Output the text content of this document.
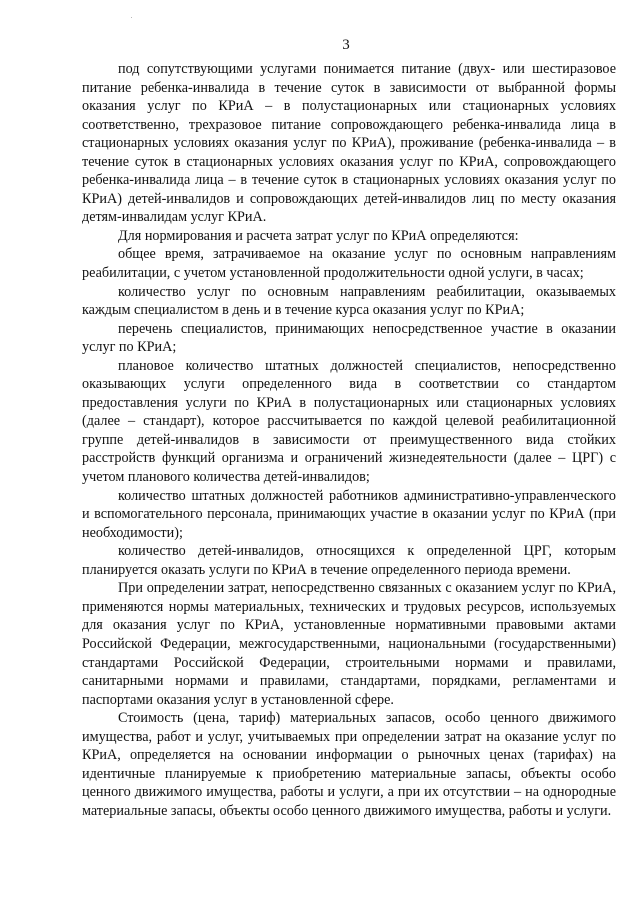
3

под сопутствующими услугами понимается питание (двух- или шестиразовое питание ребенка-инвалида в течение суток в зависимости от выбранной формы оказания услуг по КРиА – в полустационарных или стационарных условиях соответственно, трехразовое питание сопровождающего ребенка-инвалида лица в стационарных условиях оказания услуг по КРиА), проживание (ребенка-инвалида – в течение суток в стационарных условиях оказания услуг по КРиА, сопровождающего ребенка-инвалида лица – в течение суток в стационарных условиях оказания услуг по КРиА) детей-инвалидов и сопровождающих детей-инвалидов лиц по месту оказания детям-инвалидам услуг КРиА.

Для нормирования и расчета затрат услуг по КРиА определяются:

общее время, затрачиваемое на оказание услуг по основным направлениям реабилитации, с учетом установленной продолжительности одной услуги, в часах;

количество услуг по основным направлениям реабилитации, оказываемых каждым специалистом в день и в течение курса оказания услуг по КРиА;

перечень специалистов, принимающих непосредственное участие в оказании услуг по КРиА;

плановое количество штатных должностей специалистов, непосредственно оказывающих услуги определенного вида в соответствии со стандартом предоставления услуги по КРиА в полустационарных или стационарных условиях (далее – стандарт), которое рассчитывается по каждой целевой реабилитационной группе детей-инвалидов в зависимости от преимущественного вида стойких расстройств функций организма и ограничений жизнедеятельности (далее – ЦРГ) с учетом планового количества детей-инвалидов;

количество штатных должностей работников административно-управленческого и вспомогательного персонала, принимающих участие в оказании услуг по КРиА (при необходимости);

количество детей-инвалидов, относящихся к определенной ЦРГ, которым планируется оказать услуги по КРиА в течение определенного периода времени.

При определении затрат, непосредственно связанных с оказанием услуг по КРиА, применяются нормы материальных, технических и трудовых ресурсов, используемых для оказания услуг по КРиА, установленные нормативными правовыми актами Российской Федерации, межгосударственными, национальными (государственными) стандартами Российской Федерации, строительными нормами и правилами, санитарными нормами и правилами, стандартами, порядками, регламентами и паспортами оказания услуг в установленной сфере.

Стоимость (цена, тариф) материальных запасов, особо ценного движимого имущества, работ и услуг, учитываемых при определении затрат на оказание услуг по КРиА, определяется на основании информации о рыночных ценах (тарифах) на идентичные планируемые к приобретению материальные запасы, объекты особо ценного движимого имущества, работы и услуги, а при их отсутствии – на однородные материальные запасы, объекты особо ценного движимого имущества, работы и услуги.
